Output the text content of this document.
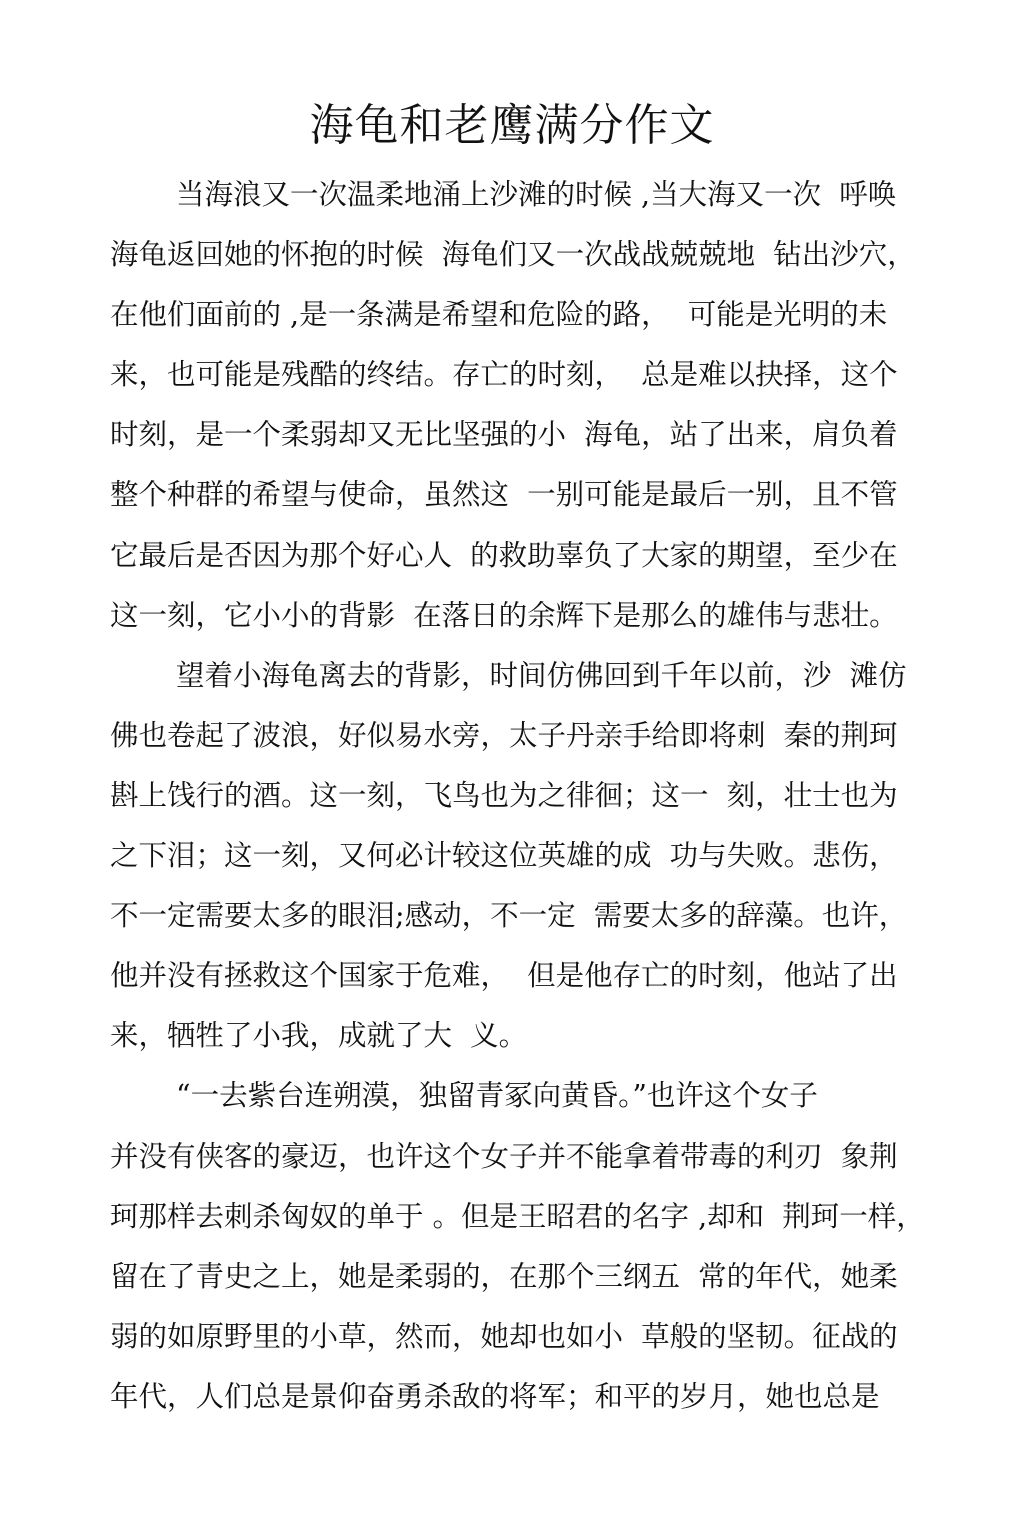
海龟和老鹰满分作文
当海浪又一次温柔地涌上沙滩的时候 ,当大海又一次  呼唤
海龟返回她的怀抱的时候  海龟们又一次战战兢兢地  钻出沙穴，
在他们面前的 ,是一条满是希望和危险的路，  可能是光明的未
来，也可能是残酷的终结。存亡的时刻，  总是难以抉择，这个
时刻，是一个柔弱却又无比坚强的小  海龟，站了出来，肩负着
整个种群的希望与使命，虽然这  一别可能是最后一别，且不管
它最后是否因为那个好心人  的救助辜负了大家的期望，至少在
这一刻，它小小的背影  在落日的余辉下是那么的雄伟与悲壮。
望着小海龟离去的背影，时间仿佛回到千年以前，沙  滩仿
佛也卷起了波浪，好似易水旁，太子丹亲手给即将刺  秦的荆珂
斟上饯行的酒。这一刻，飞鸟也为之徘徊；这一  刻，壮士也为
之下泪；这一刻，又何必计较这位英雄的成  功与失败。悲伤，
不一定需要太多的眼泪;感动，不一定  需要太多的辞藻。也许，
他并没有拯救这个国家于危难，  但是他存亡的时刻，他站了出
来，牺牲了小我，成就了大  义。
“一去紫台连朔漠，独留青冢向黄昏。”也许这个女子
并没有侠客的豪迈，也许这个女子并不能拿着带毒的利刃  象荆
珂那样去刺杀匈奴的单于 。但是王昭君的名字 ,却和  荆珂一样，
留在了青史之上，她是柔弱的，在那个三纲五  常的年代，她柔
弱的如原野里的小草，然而，她却也如小  草般的坚韧。征战的
年代，人们总是景仰奋勇杀敌的将军；和平的岁月，她也总是
